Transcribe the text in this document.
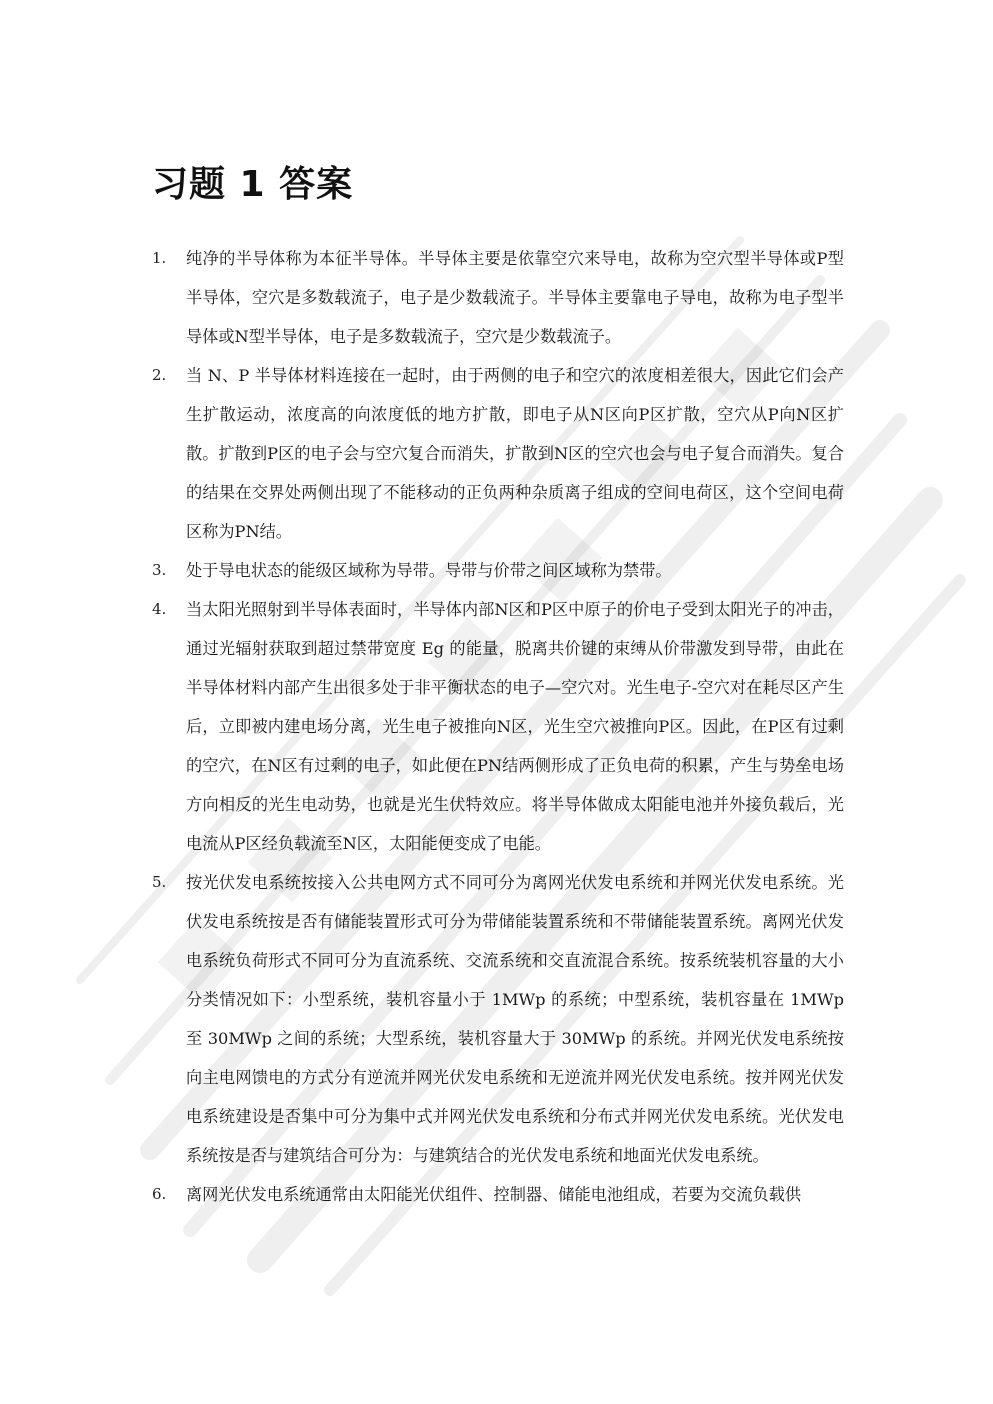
习题 1 答案
1. 纯净的半导体称为本征半导体。半导体主要是依靠空穴来导电，故称为空穴型半导体或P型半导体，空穴是多数载流子，电子是少数载流子。半导体主要靠电子导电，故称为电子型半导体或N型半导体，电子是多数载流子，空穴是少数载流子。
2. 当 N、P 半导体材料连接在一起时，由于两侧的电子和空穴的浓度相差很大，因此它们会产生扩散运动，浓度高的向浓度低的地方扩散，即电子从N区向P区扩散，空穴从P向N区扩散。扩散到P区的电子会与空穴复合而消失，扩散到N区的空穴也会与电子复合而消失。复合的结果在交界处两侧出现了不能移动的正负两种杂质离子组成的空间电荷区，这个空间电荷区称为PN结。
3. 处于导电状态的能级区域称为导带。导带与价带之间区域称为禁带。
4. 当太阳光照射到半导体表面时，半导体内部N区和P区中原子的价电子受到太阳光子的冲击，通过光辐射获取到超过禁带宽度 Eg 的能量，脱离共价键的束缚从价带激发到导带，由此在半导体材料内部产生出很多处于非平衡状态的电子—空穴对。光生电子-空穴对在耗尽区产生后，立即被内建电场分离，光生电子被推向N区，光生空穴被推向P区。因此，在P区有过剩的空穴，在N区有过剩的电子，如此便在PN结两侧形成了正负电荷的积累，产生与势垒电场方向相反的光生电动势，也就是光生伏特效应。将半导体做成太阳能电池并外接负载后，光电流从P区经负载流至N区，太阳能便变成了电能。
5. 按光伏发电系统按接入公共电网方式不同可分为离网光伏发电系统和并网光伏发电系统。光伏发电系统按是否有储能装置形式可分为带储能装置系统和不带储能装置系统。离网光伏发电系统负荷形式不同可分为直流系统、交流系统和交直流混合系统。按系统装机容量的大小分类情况如下：小型系统，装机容量小于 1MWp 的系统；中型系统，装机容量在 1MWp 至 30MWp 之间的系统；大型系统，装机容量大于 30MWp 的系统。并网光伏发电系统按向主电网馈电的方式分有逆流并网光伏发电系统和无逆流并网光伏发电系统。按并网光伏发电系统建设是否集中可分为集中式并网光伏发电系统和分布式并网光伏发电系统。光伏发电系统按是否与建筑结合可分为：与建筑结合的光伏发电系统和地面光伏发电系统。
6. 离网光伏发电系统通常由太阳能光伏组件、控制器、储能电池组成，若要为交流负载供
